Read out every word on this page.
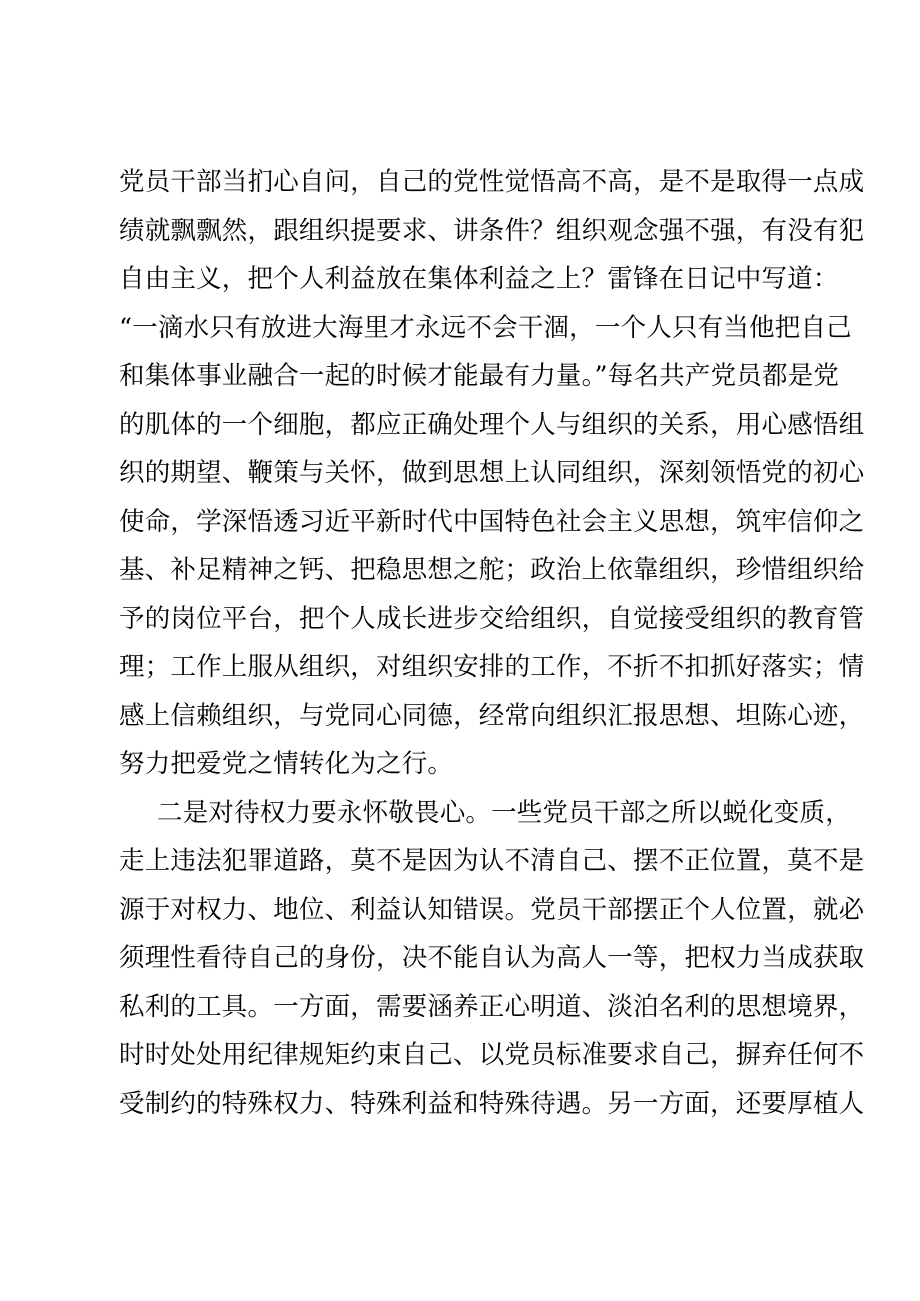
党员干部当扪心自问，自己的党性觉悟高不高，是不是取得一点成
绩就飘飘然，跟组织提要求、讲条件？组织观念强不强，有没有犯
自由主义，把个人利益放在集体利益之上？雷锋在日记中写道：
“一滴水只有放进大海里才永远不会干涸，一个人只有当他把自己
和集体事业融合一起的时候才能最有力量。”每名共产党员都是党
的肌体的一个细胞，都应正确处理个人与组织的关系，用心感悟组
织的期望、鞭策与关怀，做到思想上认同组织，深刻领悟党的初心
使命，学深悟透习近平新时代中国特色社会主义思想，筑牢信仰之
基、补足精神之钙、把稳思想之舵；政治上依靠组织，珍惜组织给
予的岗位平台，把个人成长进步交给组织，自觉接受组织的教育管
理；工作上服从组织，对组织安排的工作，不折不扣抓好落实；情
感上信赖组织，与党同心同德，经常向组织汇报思想、坦陈心迹，
努力把爱党之情转化为之行。
二是对待权力要永怀敬畏心。一些党员干部之所以蜕化变质，
走上违法犯罪道路，莫不是因为认不清自己、摆不正位置，莫不是
源于对权力、地位、利益认知错误。党员干部摆正个人位置，就必
须理性看待自己的身份，决不能自认为高人一等，把权力当成获取
私利的工具。一方面，需要涵养正心明道、淡泊名利的思想境界，
时时处处用纪律规矩约束自己、以党员标准要求自己，摒弃任何不
受制约的特殊权力、特殊利益和特殊待遇。另一方面，还要厚植人
